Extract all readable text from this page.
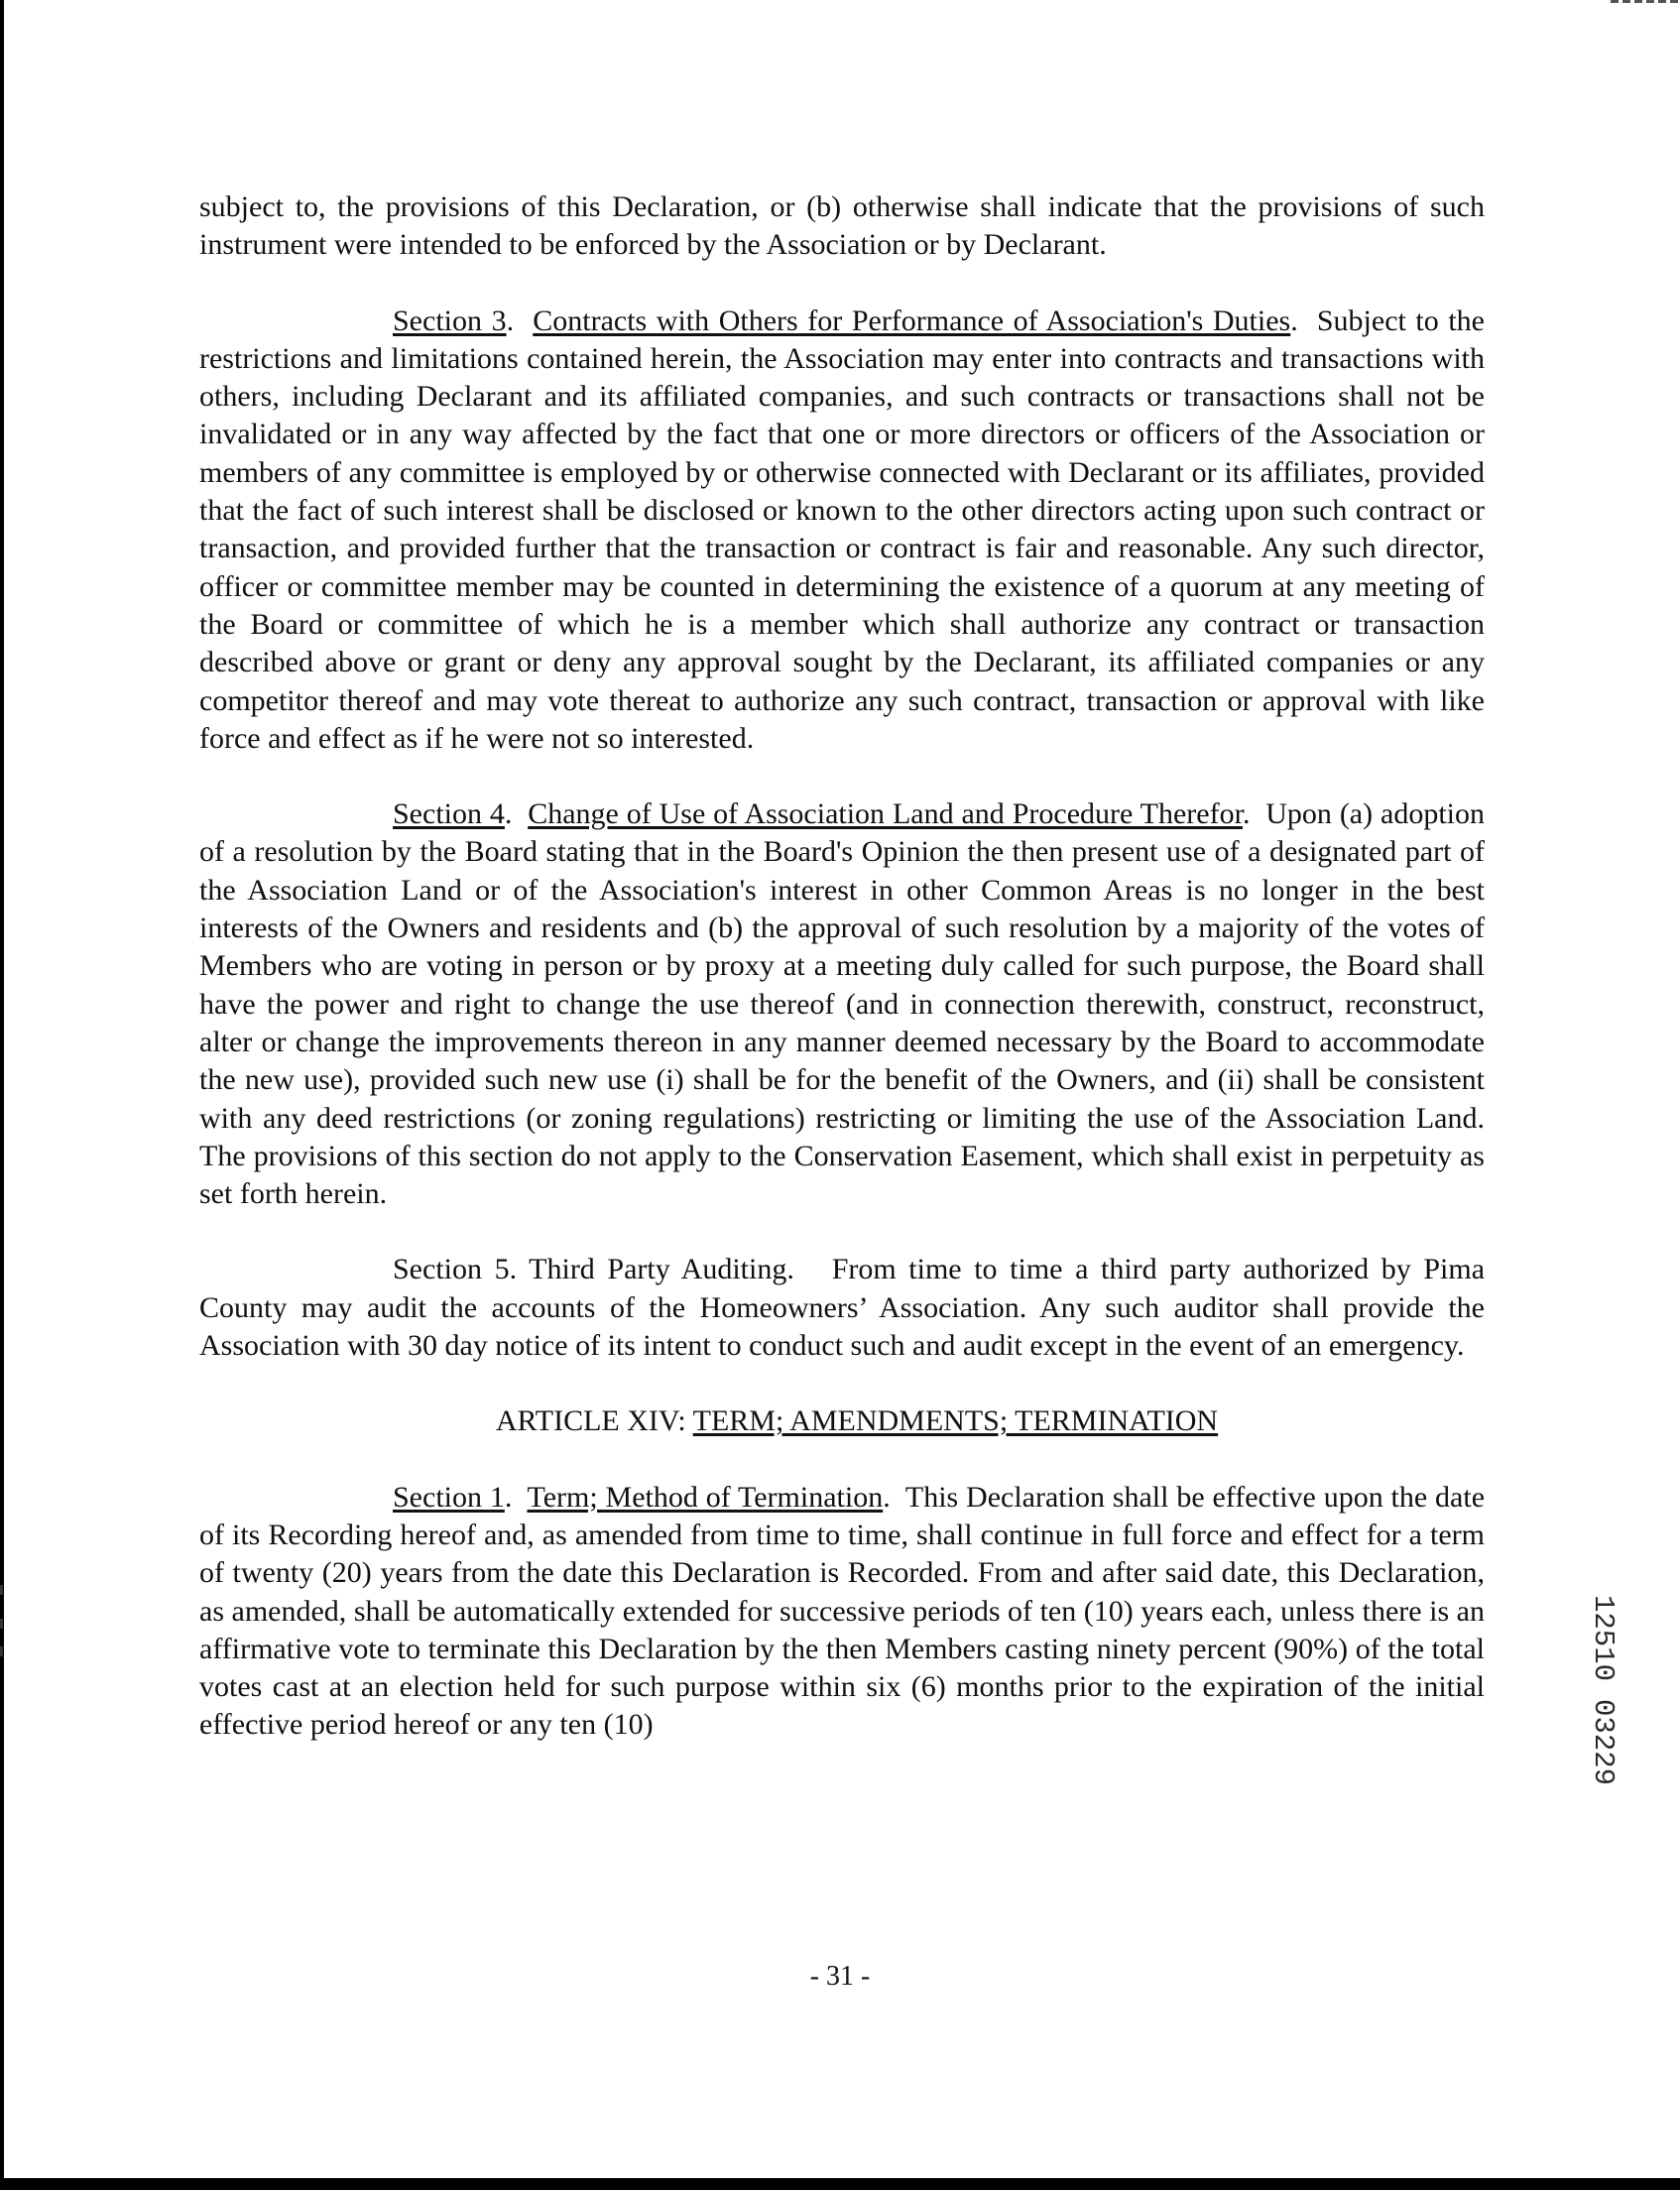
subject to, the provisions of this Declaration, or (b) otherwise shall indicate that the provisions of such instrument were intended to be enforced by the Association or by Declarant.

Section 3.  Contracts with Others for Performance of Association's Duties.  Subject to the restrictions and limitations contained herein, the Association may enter into contracts and transactions with others, including Declarant and its affiliated companies, and such contracts or transactions shall not be invalidated or in any way affected by the fact that one or more directors or officers of the Association or members of any committee is employed by or otherwise connected with Declarant or its affiliates, provided that the fact of such interest shall be disclosed or known to the other directors acting upon such contract or transaction, and provided further that the transaction or contract is fair and reasonable. Any such director, officer or committee member may be counted in determining the existence of a quorum at any meeting of the Board or committee of which he is a member which shall authorize any contract or transaction described above or grant or deny any approval sought by the Declarant, its affiliated companies or any competitor thereof and may vote thereat to authorize any such contract, transaction or approval with like force and effect as if he were not so interested.

Section 4.  Change of Use of Association Land and Procedure Therefor.  Upon (a) adoption of a resolution by the Board stating that in the Board's Opinion the then present use of a designated part of the Association Land or of the Association's interest in other Common Areas is no longer in the best interests of the Owners and residents and (b) the approval of such resolution by a majority of the votes of Members who are voting in person or by proxy at a meeting duly called for such purpose, the Board shall have the power and right to change the use thereof (and in connection therewith, construct, reconstruct, alter or change the improvements thereon in any manner deemed necessary by the Board to accommodate the new use), provided such new use (i) shall be for the benefit of the Owners, and (ii) shall be consistent with any deed restrictions (or zoning regulations) restricting or limiting the use of the Association Land. The provisions of this section do not apply to the Conservation Easement, which shall exist in perpetuity as set forth herein.

Section 5. Third Party Auditing. From time to time a third party authorized by Pima County may audit the accounts of the Homeowners’ Association. Any such auditor shall provide the Association with 30 day notice of its intent to conduct such and audit except in the event of an emergency.

ARTICLE XIV: TERM; AMENDMENTS; TERMINATION

Section 1.  Term; Method of Termination.  This Declaration shall be effective upon the date of its Recording hereof and, as amended from time to time, shall continue in full force and effect for a term of twenty (20) years from the date this Declaration is Recorded. From and after said date, this Declaration, as amended, shall be automatically extended for successive periods of ten (10) years each, unless there is an affirmative vote to terminate this Declaration by the then Members casting ninety percent (90%) of the total votes cast at an election held for such purpose within six (6) months prior to the expiration of the initial effective period hereof or any ten (10)

- 31 -
1251003229
